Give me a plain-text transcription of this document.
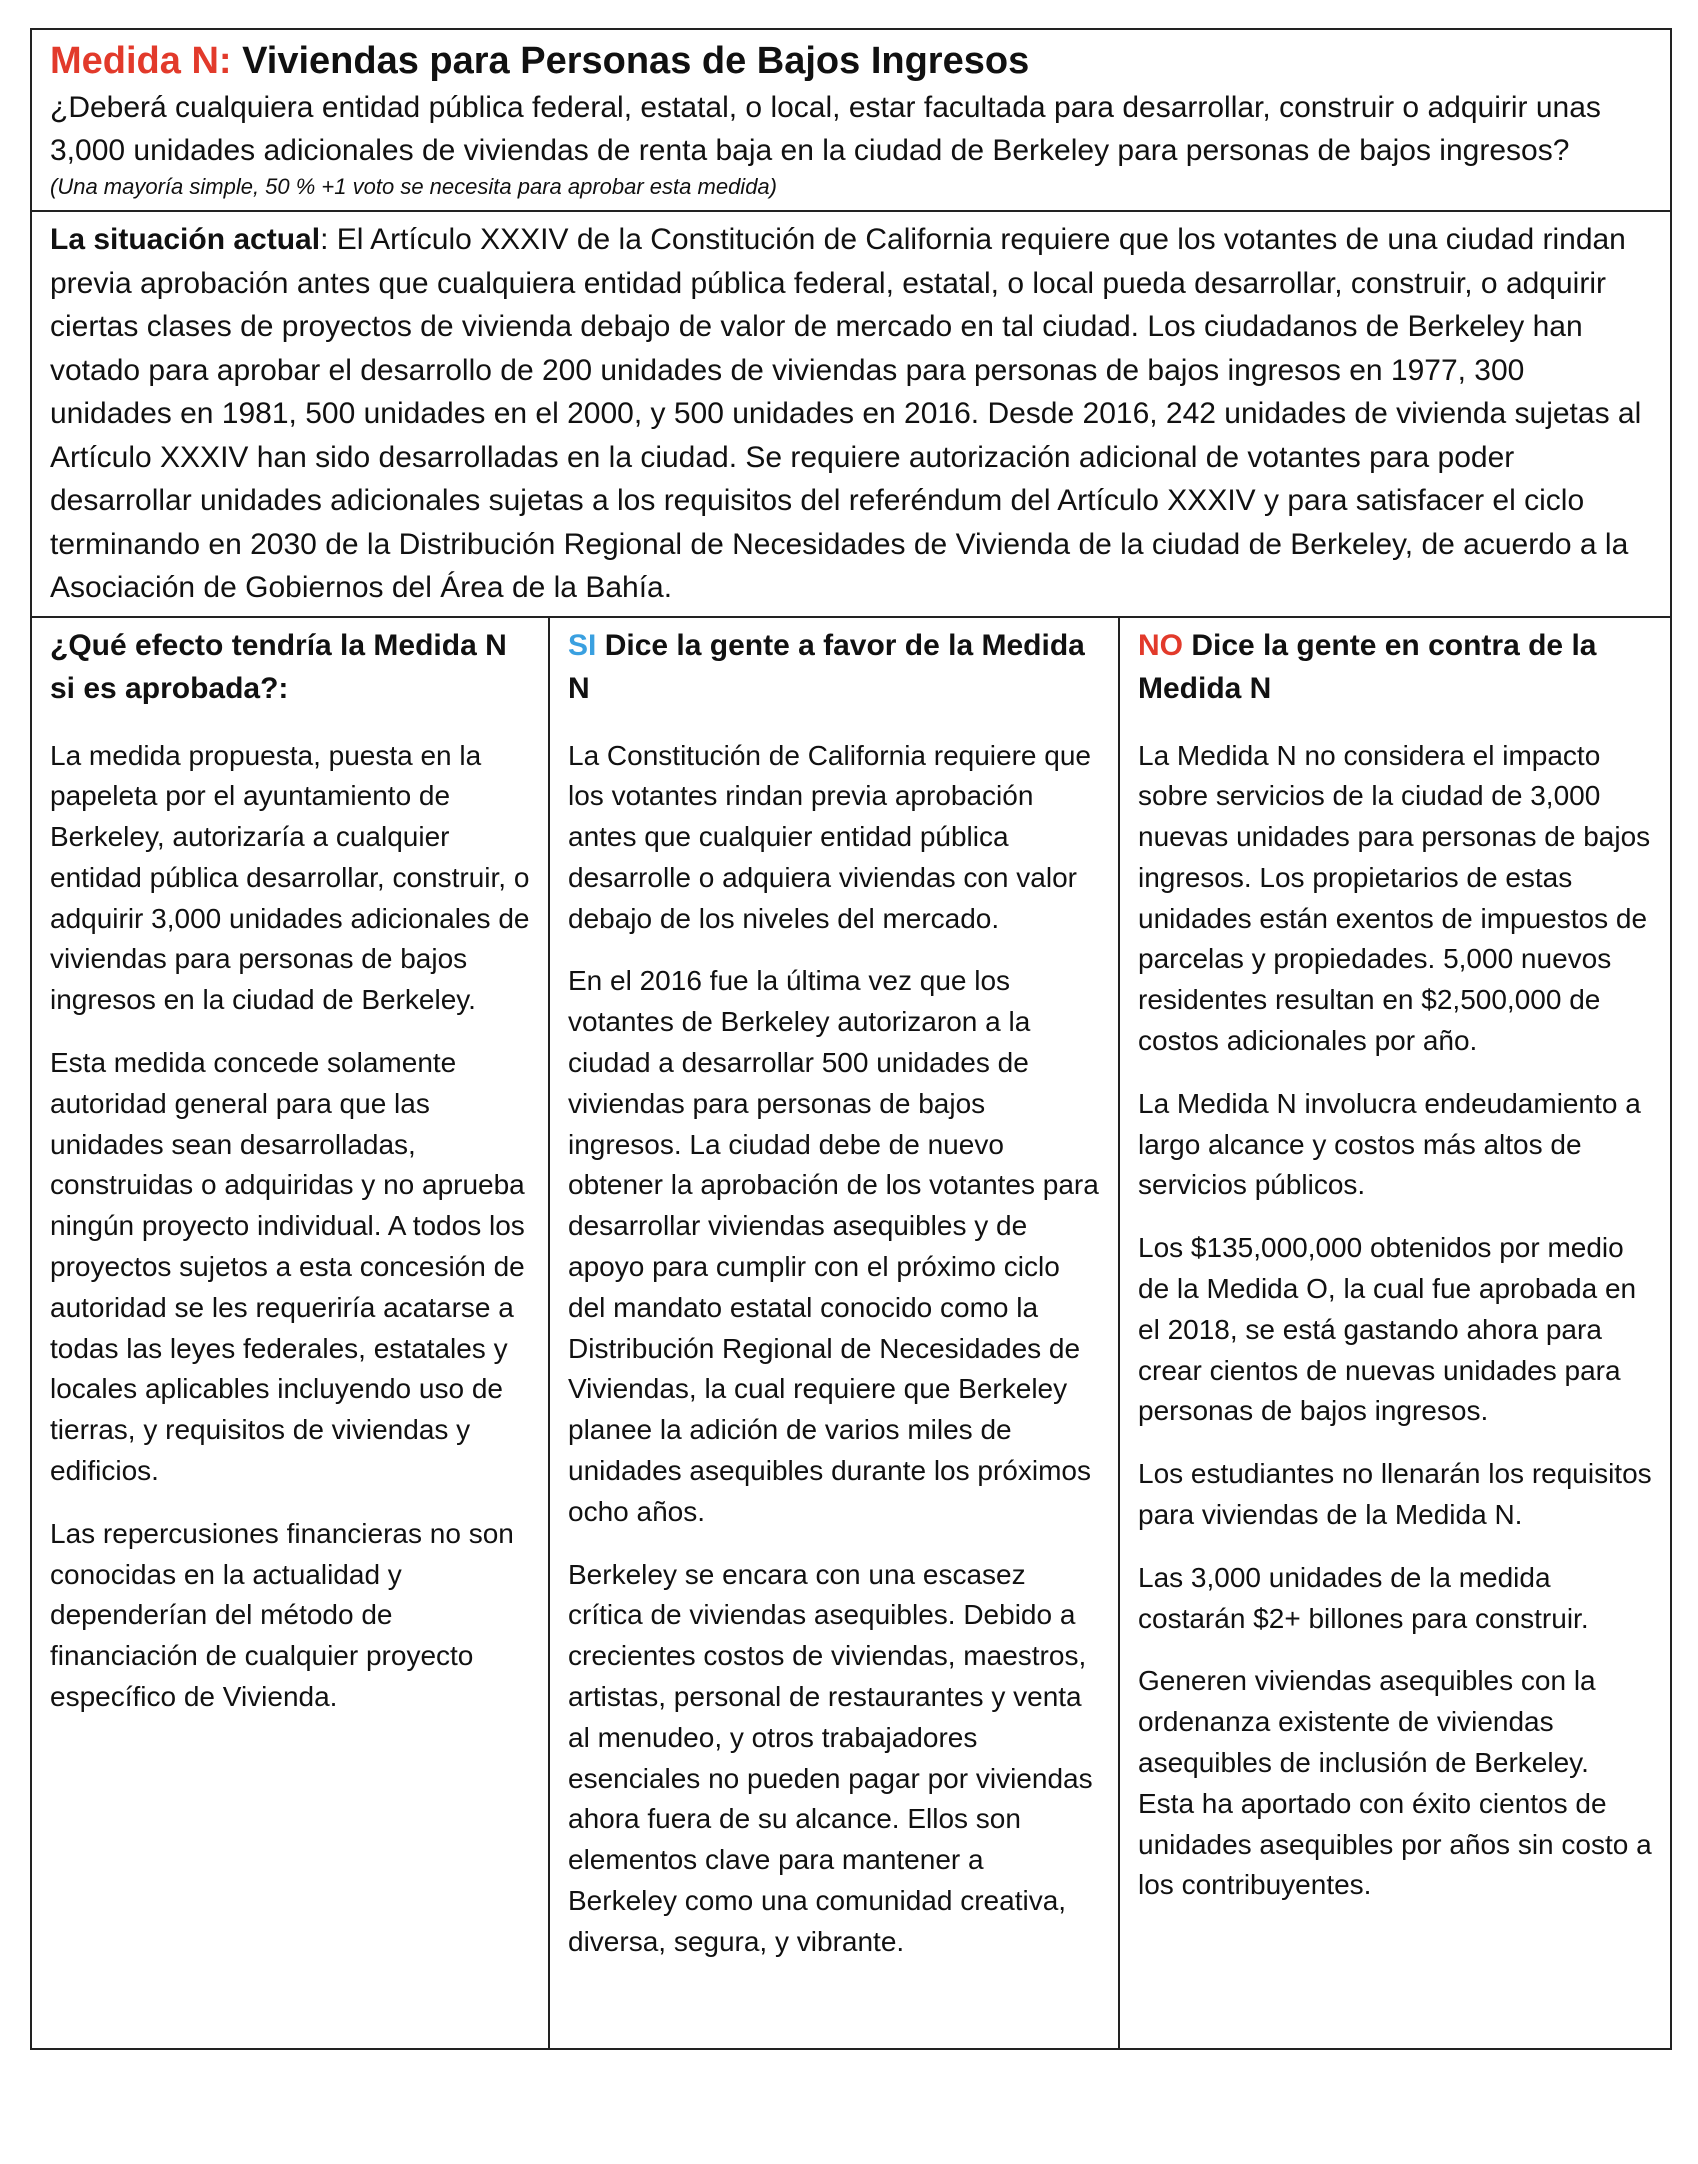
Medida N: Viviendas para Personas de Bajos Ingresos

¿Deberá cualquiera entidad pública federal, estatal, o local, estar facultada para desarrollar, construir o adquirir unas 3,000 unidades adicionales de viviendas de renta baja en la ciudad de Berkeley para personas de bajos ingresos?

(Una mayoría simple, 50 % +1 voto se necesita para aprobar esta medida)

La situación actual: El Artículo XXXIV de la Constitución de California requiere que los votantes de una ciudad rindan previa aprobación antes que cualquiera entidad pública federal, estatal, o local pueda desarrollar, construir, o adquirir ciertas clases de proyectos de vivienda debajo de valor de mercado en tal ciudad. Los ciudadanos de Berkeley han votado para aprobar el desarrollo de 200 unidades de viviendas para personas de bajos ingresos en 1977, 300 unidades en 1981, 500 unidades en el 2000, y 500 unidades en 2016. Desde 2016, 242 unidades de vivienda sujetas al Artículo XXXIV han sido desarrolladas en la ciudad. Se requiere autorización adicional de votantes para poder desarrollar unidades adicionales sujetas a los requisitos del referéndum del Artículo XXXIV y para satisfacer el ciclo terminando en 2030 de la Distribución Regional de Necesidades de Vivienda de la ciudad de Berkeley, de acuerdo a la Asociación de Gobiernos del Área de la Bahía.

¿Qué efecto tendría la Medida N si es aprobada?:

La medida propuesta, puesta en la papeleta por el ayuntamiento de Berkeley, autorizaría a cualquier entidad pública desarrollar, construir, o adquirir 3,000 unidades adicionales de viviendas para personas de bajos ingresos en la ciudad de Berkeley.

Esta medida concede solamente autoridad general para que las unidades sean desarrolladas, construidas o adquiridas y no aprueba ningún proyecto individual. A todos los proyectos sujetos a esta concesión de autoridad se les requeriría acatarse a todas las leyes federales, estatales y locales aplicables incluyendo uso de tierras, y requisitos de viviendas y edificios.

Las repercusiones financieras no son conocidas en la actualidad y dependerían del método de financiación de cualquier proyecto específico de Vivienda.

SI Dice la gente a favor de la Medida N

La Constitución de California requiere que los votantes rindan previa aprobación antes que cualquier entidad pública desarrolle o adquiera viviendas con valor debajo de los niveles del mercado.

En el 2016 fue la última vez que los votantes de Berkeley autorizaron a la ciudad a desarrollar 500 unidades de viviendas para personas de bajos ingresos. La ciudad debe de nuevo obtener la aprobación de los votantes para desarrollar viviendas asequibles y de apoyo para cumplir con el próximo ciclo del mandato estatal conocido como la Distribución Regional de Necesidades de Viviendas, la cual requiere que Berkeley planee la adición de varios miles de unidades asequibles durante los próximos ocho años.

Berkeley se encara con una escasez crítica de viviendas asequibles. Debido a crecientes costos de viviendas, maestros, artistas, personal de restaurantes y venta al menudeo, y otros trabajadores esenciales no pueden pagar por viviendas ahora fuera de su alcance. Ellos son elementos clave para mantener a Berkeley como una comunidad creativa, diversa, segura, y vibrante.

NO Dice la gente en contra de la Medida N

La Medida N no considera el impacto sobre servicios de la ciudad de 3,000 nuevas unidades para personas de bajos ingresos. Los propietarios de estas unidades están exentos de impuestos de parcelas y propiedades. 5,000 nuevos residentes resultan en $2,500,000 de costos adicionales por año.

La Medida N involucra endeudamiento a largo alcance y costos más altos de servicios públicos.

Los $135,000,000 obtenidos por medio de la Medida O, la cual fue aprobada en el 2018, se está gastando ahora para crear cientos de nuevas unidades para personas de bajos ingresos.

Los estudiantes no llenarán los requisitos para viviendas de la Medida N.

Las 3,000 unidades de la medida costarán $2+ billones para construir.

Generen viviendas asequibles con la ordenanza existente de viviendas asequibles de inclusión de Berkeley. Esta ha aportado con éxito cientos de unidades asequibles por años sin costo a los contribuyentes.
